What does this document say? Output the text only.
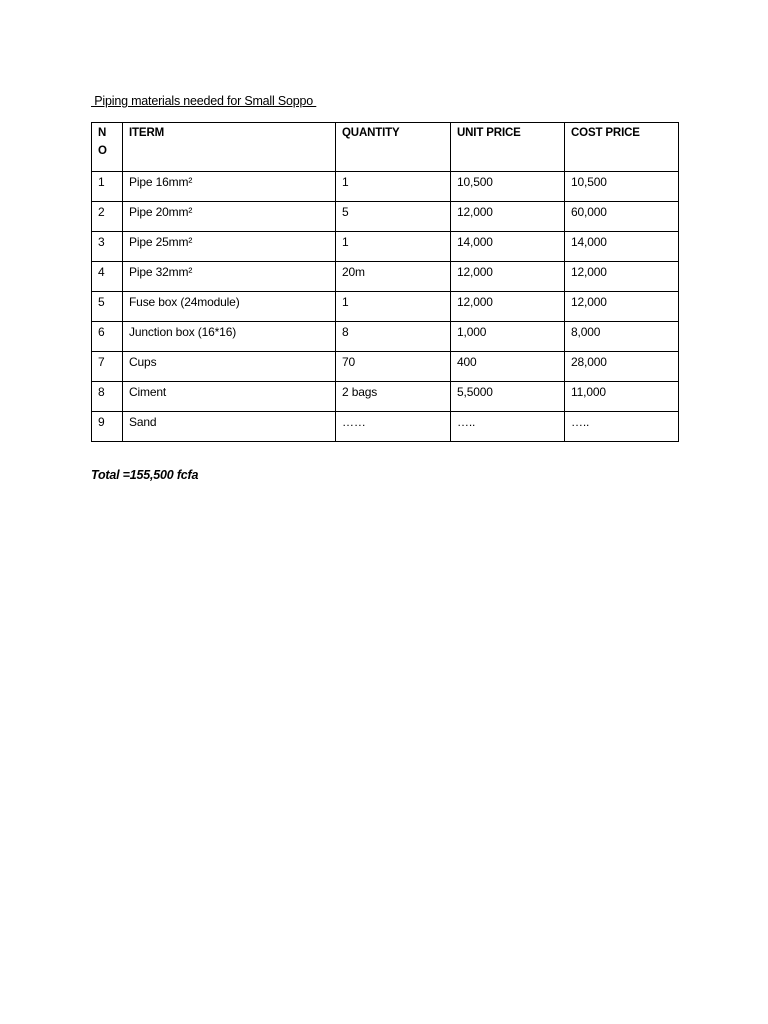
Piping materials needed for Small Soppo
N
O	ITERM	QUANTITY	UNIT PRICE	COST PRICE
1	Pipe 16mm²	1	10,500	10,500
2	Pipe 20mm²	5	12,000	60,000
3	Pipe 25mm²	1	14,000	14,000
4	Pipe 32mm²	20m	12,000	12,000
5	Fuse box (24module)	1	12,000	12,000
6	Junction box (16*16)	8	1,000	8,000
7	Cups	70	400	28,000
8	Ciment	2 bags	5,5000	11,000
9	Sand	……	…..	…..
Total =155,500 fcfa
